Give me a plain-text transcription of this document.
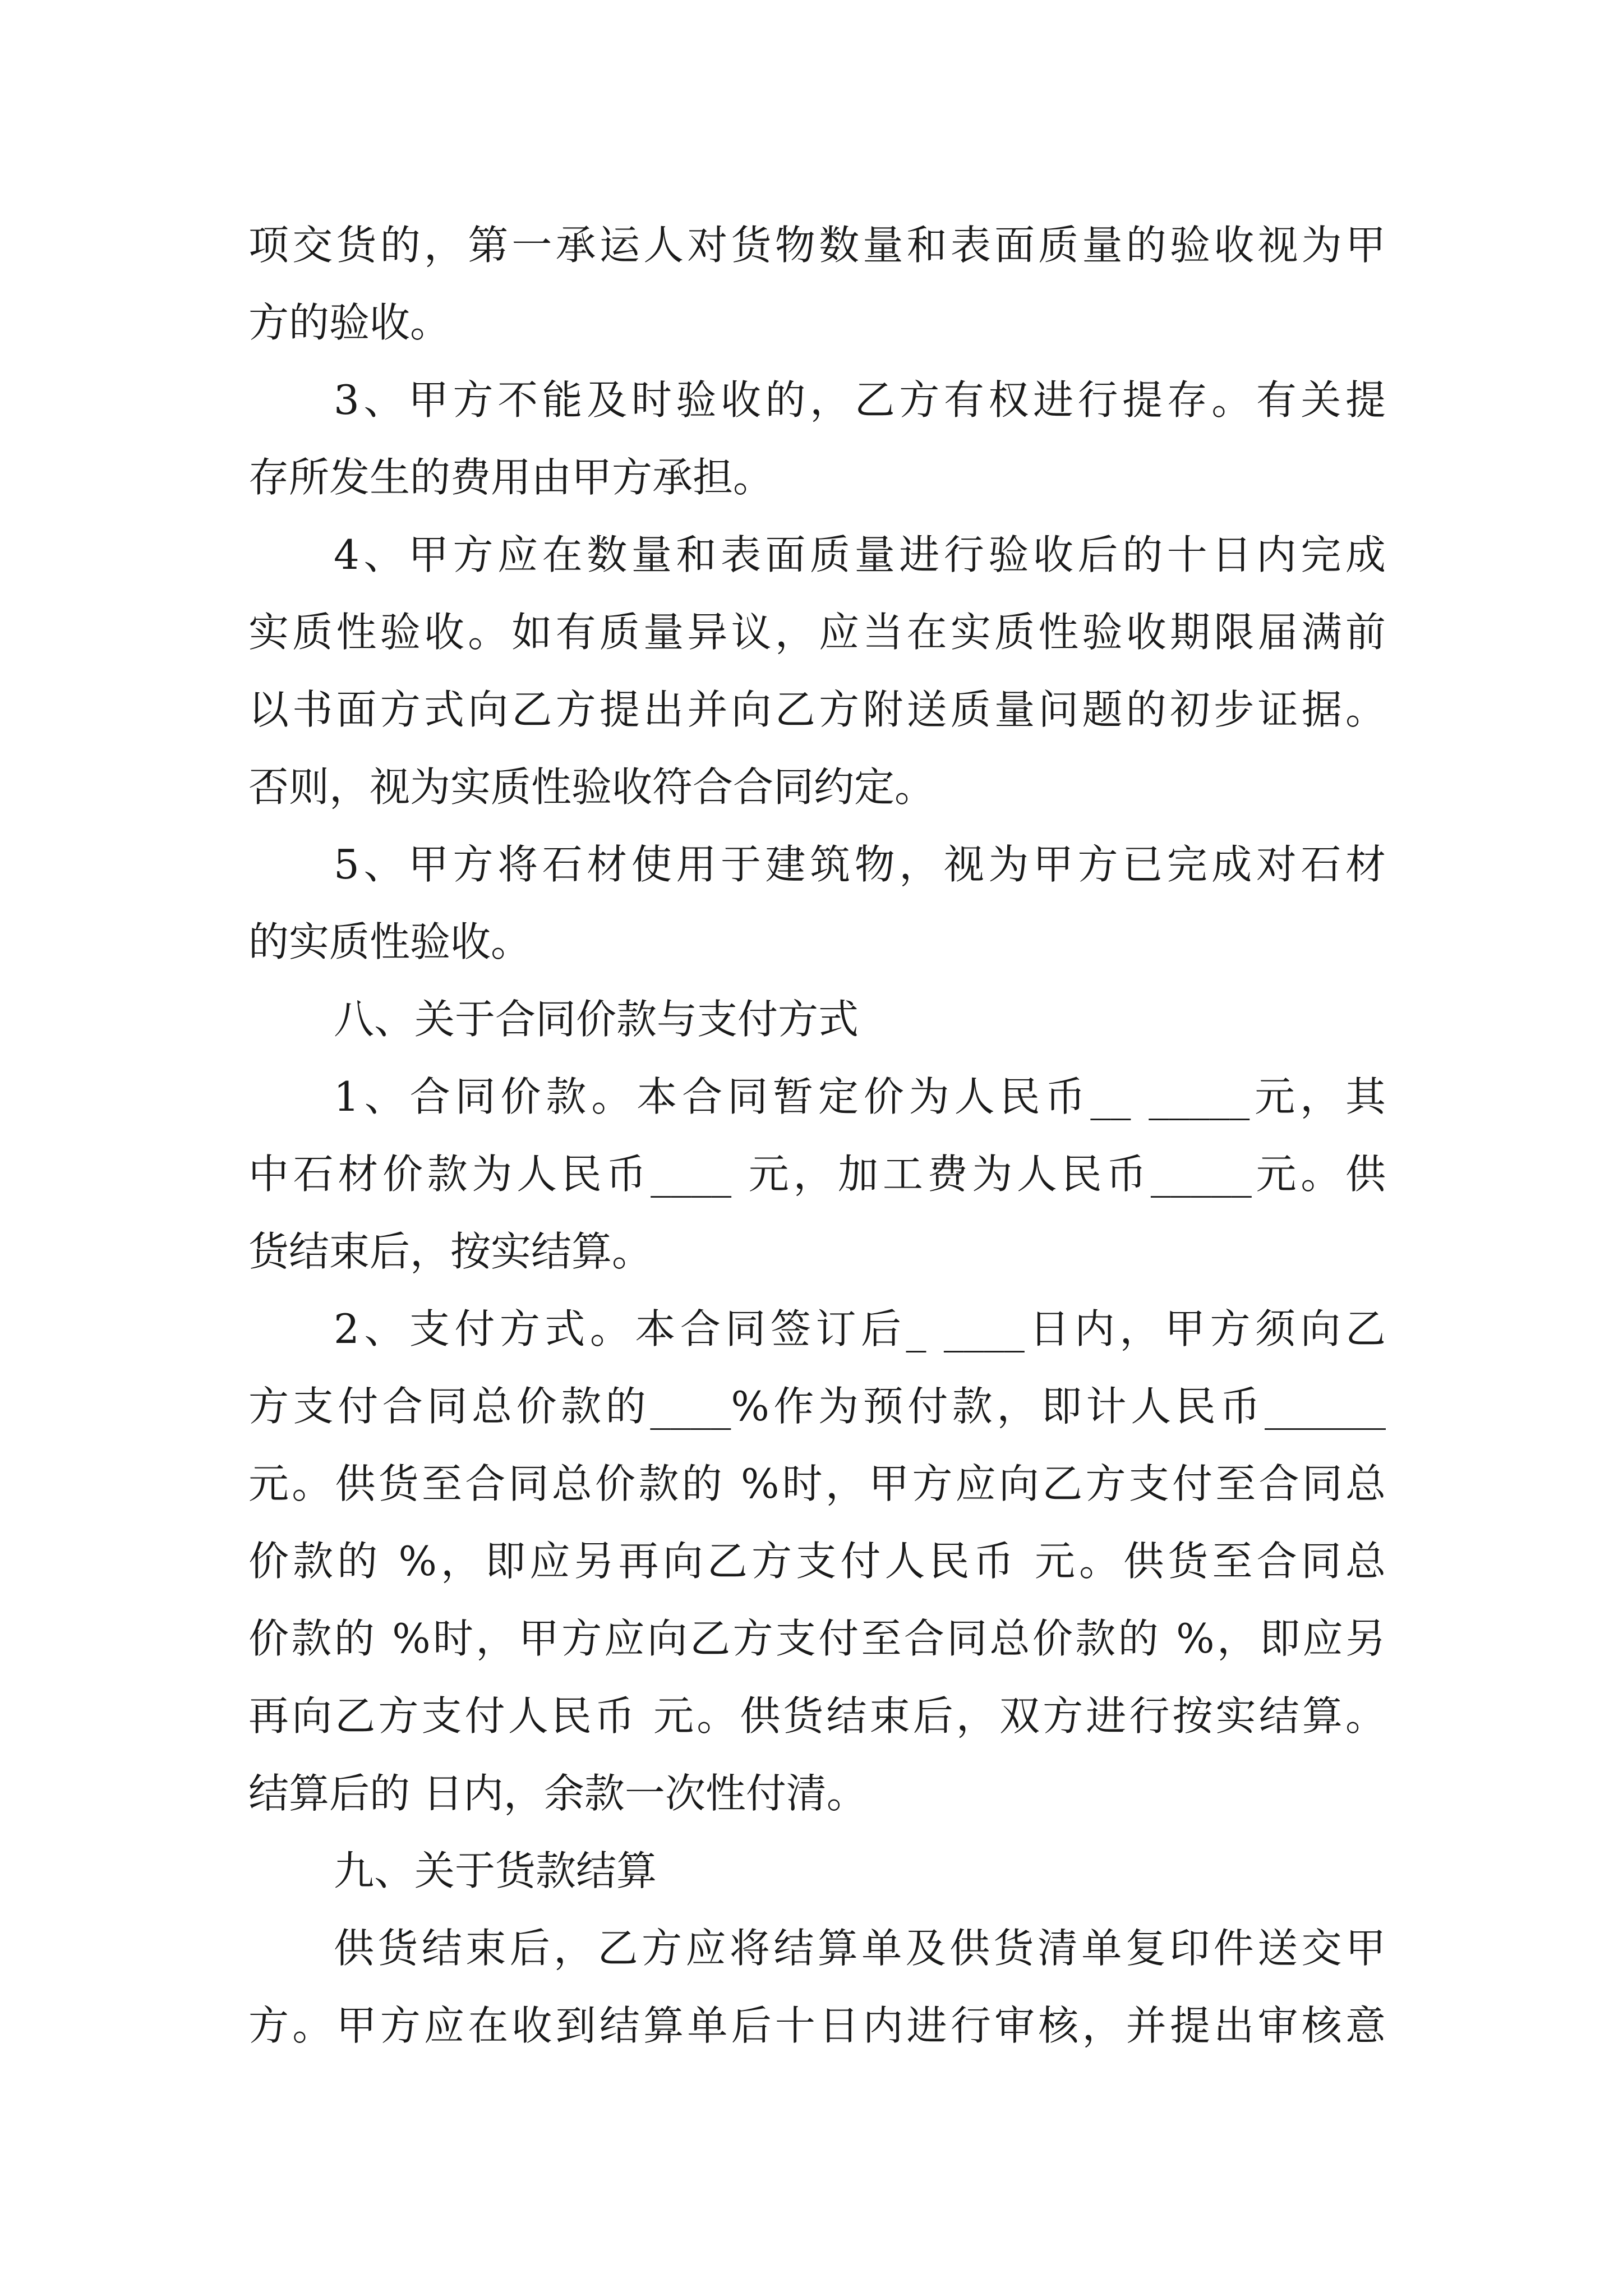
项交货的，第一承运人对货物数量和表面质量的验收视为甲
方的验收。
3、甲方不能及时验收的，乙方有权进行提存。有关提
存所发生的费用由甲方承担。
4、甲方应在数量和表面质量进行验收后的十日内完成
实质性验收。如有质量异议，应当在实质性验收期限届满前
以书面方式向乙方提出并向乙方附送质量问题的初步证据。
否则，视为实质性验收符合合同约定。
5、甲方将石材使用于建筑物，视为甲方已完成对石材
的实质性验收。
八、关于合同价款与支付方式
1、合同价款。本合同暂定价为人民币__ _____元，其
中石材价款为人民币____ 元，加工费为人民币_____元。供
货结束后，按实结算。
2、支付方式。本合同签订后_ ____日内，甲方须向乙
方支付合同总价款的____%作为预付款，即计人民币______
元。供货至合同总价款的 %时，甲方应向乙方支付至合同总
价款的 %，即应另再向乙方支付人民币 元。供货至合同总
价款的 %时，甲方应向乙方支付至合同总价款的 %，即应另
再向乙方支付人民币 元。供货结束后，双方进行按实结算。
结算后的 日内，余款一次性付清。
九、关于货款结算
供货结束后，乙方应将结算单及供货清单复印件送交甲
方。甲方应在收到结算单后十日内进行审核，并提出审核意
